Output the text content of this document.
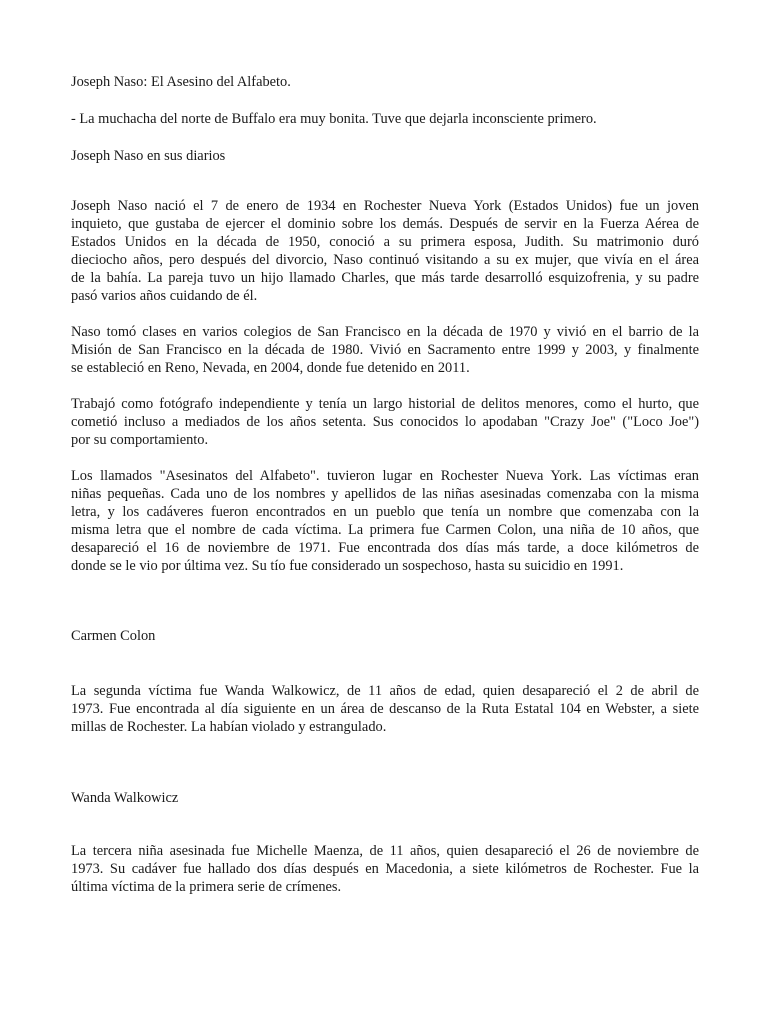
Joseph Naso: El Asesino del Alfabeto.

- La muchacha del norte de Buffalo era muy bonita. Tuve que dejarla inconsciente primero.

Joseph Naso en sus diarios

Joseph Naso nació el 7 de enero de 1934 en Rochester Nueva York (Estados Unidos) fue un joven
inquieto, que gustaba de ejercer el dominio sobre los demás. Después de servir en la Fuerza Aérea de
Estados Unidos en la década de 1950, conoció a su primera esposa, Judith. Su matrimonio duró
dieciocho años, pero después del divorcio, Naso continuó visitando a su ex mujer, que vivía en el área
de la bahía. La pareja tuvo un hijo llamado Charles, que más tarde desarrolló esquizofrenia, y su padre
pasó varios años cuidando de él.
Naso tomó clases en varios colegios de San Francisco en la década de 1970 y vivió en el barrio de la
Misión de San Francisco en la década de 1980. Vivió en Sacramento entre 1999 y 2003, y finalmente
se estableció en Reno, Nevada, en 2004, donde fue detenido en 2011.
Trabajó como fotógrafo independiente y tenía un largo historial de delitos menores, como el hurto, que
cometió incluso a mediados de los años setenta. Sus conocidos lo apodaban "Crazy Joe" ("Loco Joe")
por su comportamiento.
Los llamados "Asesinatos del Alfabeto". tuvieron lugar en Rochester Nueva York. Las víctimas eran
niñas pequeñas. Cada uno de los nombres y apellidos de las niñas asesinadas comenzaba con la misma
letra, y los cadáveres fueron encontrados en un pueblo que tenía un nombre que comenzaba con la
misma letra que el nombre de cada víctima. La primera fue Carmen Colon, una niña de 10 años, que
desapareció el 16 de noviembre de 1971. Fue encontrada dos días más tarde, a doce kilómetros de
donde se le vio por última vez. Su tío fue considerado un sospechoso, hasta su suicidio en 1991.

Carmen Colon

La segunda víctima fue Wanda Walkowicz, de 11 años de edad, quien desapareció el 2 de abril de
1973. Fue encontrada al día siguiente en un área de descanso de la Ruta Estatal 104 en Webster, a siete
millas de Rochester. La habían violado y estrangulado.

Wanda Walkowicz

La tercera niña asesinada fue Michelle Maenza, de 11 años, quien desapareció el 26 de noviembre de
1973. Su cadáver fue hallado dos días después en Macedonia, a siete kilómetros de Rochester. Fue la
última víctima de la primera serie de crímenes.
